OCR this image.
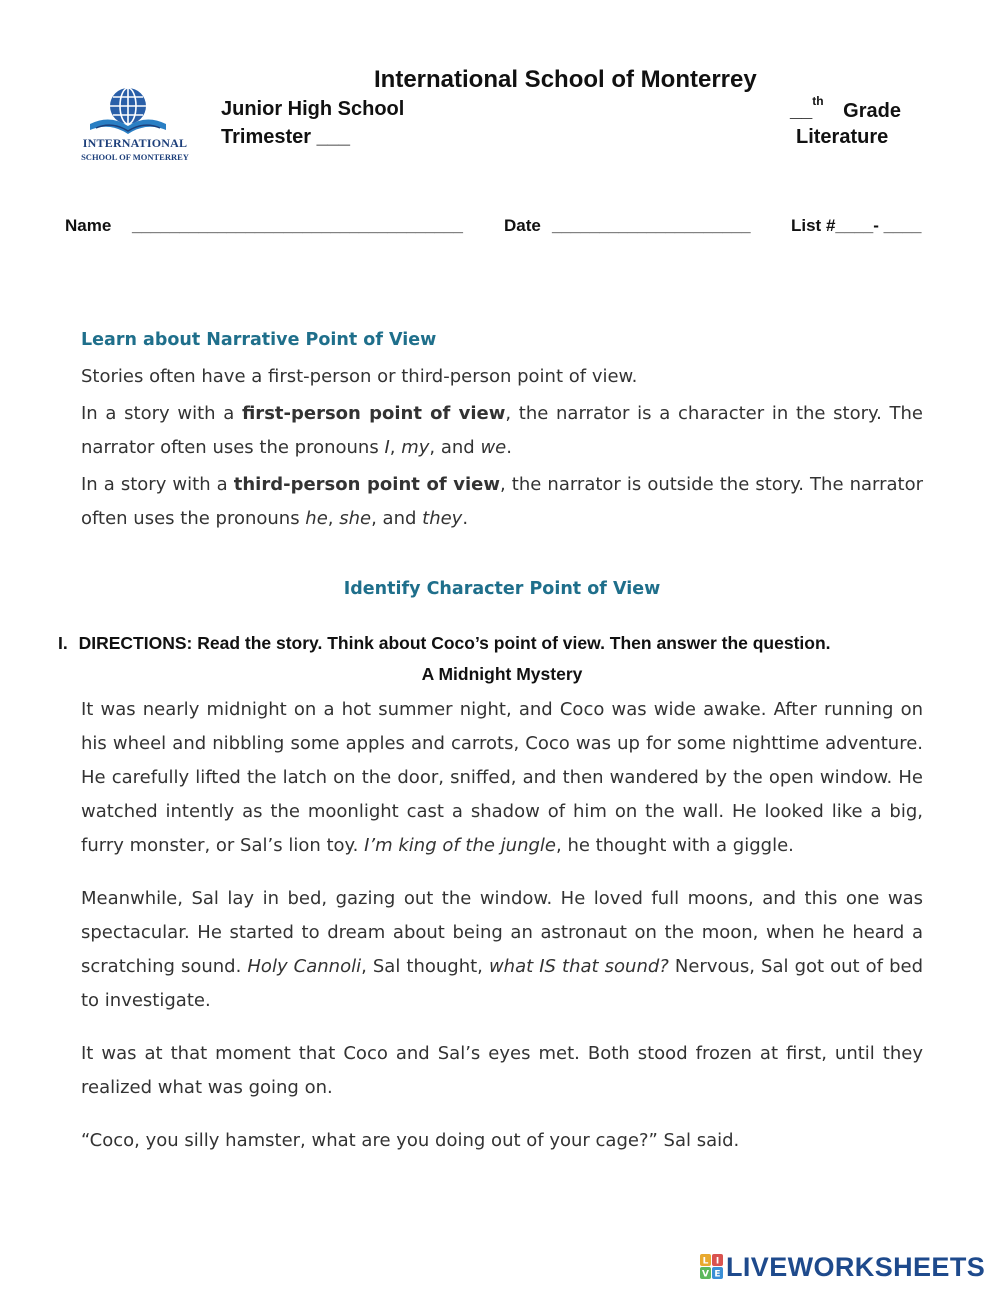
INTERNATIONAL
SCHOOL OF MONTERREY
International School of Monterrey
Junior High School
Trimester ___
__$^{th}$ Grade
Literature
Name ___________________________________ Date _____________________ List #____- ____
Learn about Narrative Point of View

Stories often have a first-person or third-person point of view.

In a story with a first-person point of view, the narrator is a character in the story. The narrator often uses the pronouns I, my, and we.

In a story with a third-person point of view, the narrator is outside the story. The narrator often uses the pronouns he, she, and they.

Identify Character Point of View
I. DIRECTIONS: Read the story. Think about Coco’s point of view. Then answer the question.
A Midnight Mystery

It was nearly midnight on a hot summer night, and Coco was wide awake. After running on his wheel and nibbling some apples and carrots, Coco was up for some nighttime adventure. He carefully lifted the latch on the door, sniffed, and then wandered by the open window. He watched intently as the moonlight cast a shadow of him on the wall. He looked like a big, furry monster, or Sal’s lion toy. I’m king of the jungle, he thought with a giggle.

Meanwhile, Sal lay in bed, gazing out the window. He loved full moons, and this one was spectacular. He started to dream about being an astronaut on the moon, when he heard a scratching sound. Holy Cannoli, Sal thought, what IS that sound? Nervous, Sal got out of bed to investigate.

It was at that moment that Coco and Sal’s eyes met. Both stood frozen at first, until they realized what was going on.

“Coco, you silly hamster, what are you doing out of your cage?” Sal said.

L I
V E LIVEWORKSHEETS
